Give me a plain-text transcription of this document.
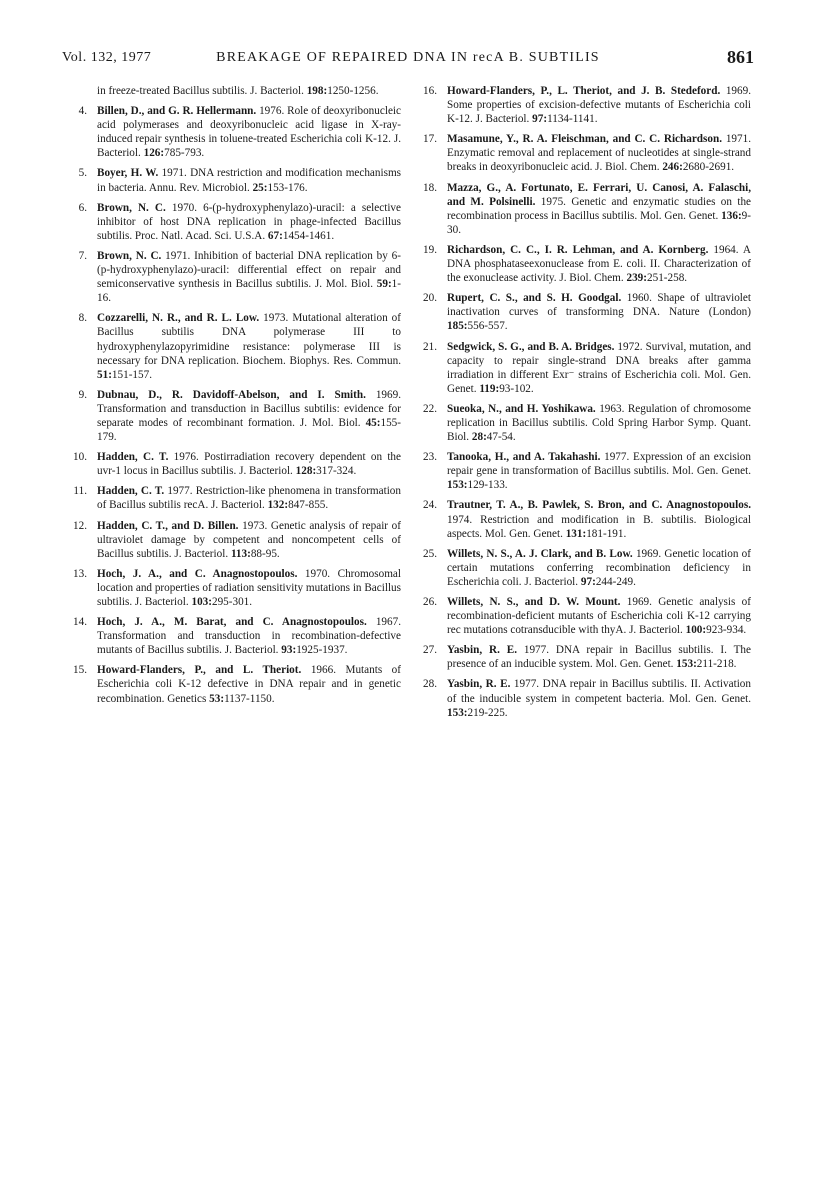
Vol. 132, 1977	BREAKAGE OF REPAIRED DNA IN recA B. SUBTILIS	861
in freeze-treated Bacillus subtilis. J. Bacteriol. 198:1250-1256.
4. Billen, D., and G. R. Hellermann. 1976. Role of deoxyribonucleic acid polymerases and deoxyribonucleic acid ligase in X-ray-induced repair synthesis in toluene-treated Escherichia coli K-12. J. Bacteriol. 126:785-793.
5. Boyer, H. W. 1971. DNA restriction and modification mechanisms in bacteria. Annu. Rev. Microbiol. 25:153-176.
6. Brown, N. C. 1970. 6-(p-hydroxyphenylazo)-uracil: a selective inhibitor of host DNA replication in phage-infected Bacillus subtilis. Proc. Natl. Acad. Sci. U.S.A. 67:1454-1461.
7. Brown, N. C. 1971. Inhibition of bacterial DNA replication by 6-(p-hydroxyphenylazo)-uracil: differential effect on repair and semiconservative synthesis in Bacillus subtilis. J. Mol. Biol. 59:1-16.
8. Cozzarelli, N. R., and R. L. Low. 1973. Mutational alteration of Bacillus subtilis DNA polymerase III to hydroxyphenylazopyrimidine resistance: polymerase III is necessary for DNA replication. Biochem. Biophys. Res. Commun. 51:151-157.
9. Dubnau, D., R. Davidoff-Abelson, and I. Smith. 1969. Transformation and transduction in Bacillus subtilis: evidence for separate modes of recombinant formation. J. Mol. Biol. 45:155-179.
10. Hadden, C. T. 1976. Postirradiation recovery dependent on the uvr-1 locus in Bacillus subtilis. J. Bacteriol. 128:317-324.
11. Hadden, C. T. 1977. Restriction-like phenomena in transformation of Bacillus subtilis recA. J. Bacteriol. 132:847-855.
12. Hadden, C. T., and D. Billen. 1973. Genetic analysis of repair of ultraviolet damage by competent and noncompetent cells of Bacillus subtilis. J. Bacteriol. 113:88-95.
13. Hoch, J. A., and C. Anagnostopoulos. 1970. Chromosomal location and properties of radiation sensitivity mutations in Bacillus subtilis. J. Bacteriol. 103:295-301.
14. Hoch, J. A., M. Barat, and C. Anagnostopoulos. 1967. Transformation and transduction in recombination-defective mutants of Bacillus subtilis. J. Bacteriol. 93:1925-1937.
15. Howard-Flanders, P., and L. Theriot. 1966. Mutants of Escherichia coli K-12 defective in DNA repair and in genetic recombination. Genetics 53:1137-1150.
16. Howard-Flanders, P., L. Theriot, and J. B. Stedeford. 1969. Some properties of excision-defective mutants of Escherichia coli K-12. J. Bacteriol. 97:1134-1141.
17. Masamune, Y., R. A. Fleischman, and C. C. Richardson. 1971. Enzymatic removal and replacement of nucleotides at single-strand breaks in deoxyribonucleic acid. J. Biol. Chem. 246:2680-2691.
18. Mazza, G., A. Fortunato, E. Ferrari, U. Canosi, A. Falaschi, and M. Polsinelli. 1975. Genetic and enzymatic studies on the recombination process in Bacillus subtilis. Mol. Gen. Genet. 136:9-30.
19. Richardson, C. C., I. R. Lehman, and A. Kornberg. 1964. A DNA phosphataseexonuclease from E. coli. II. Characterization of the exonuclease activity. J. Biol. Chem. 239:251-258.
20. Rupert, C. S., and S. H. Goodgal. 1960. Shape of ultraviolet inactivation curves of transforming DNA. Nature (London) 185:556-557.
21. Sedgwick, S. G., and B. A. Bridges. 1972. Survival, mutation, and capacity to repair single-strand DNA breaks after gamma irradiation in different Exr⁻ strains of Escherichia coli. Mol. Gen. Genet. 119:93-102.
22. Sueoka, N., and H. Yoshikawa. 1963. Regulation of chromosome replication in Bacillus subtilis. Cold Spring Harbor Symp. Quant. Biol. 28:47-54.
23. Tanooka, H., and A. Takahashi. 1977. Expression of an excision repair gene in transformation of Bacillus subtilis. Mol. Gen. Genet. 153:129-133.
24. Trautner, T. A., B. Pawlek, S. Bron, and C. Anagnostopoulos. 1974. Restriction and modification in B. subtilis. Biological aspects. Mol. Gen. Genet. 131:181-191.
25. Willets, N. S., A. J. Clark, and B. Low. 1969. Genetic location of certain mutations conferring recombination deficiency in Escherichia coli. J. Bacteriol. 97:244-249.
26. Willets, N. S., and D. W. Mount. 1969. Genetic analysis of recombination-deficient mutants of Escherichia coli K-12 carrying rec mutations cotransducible with thyA. J. Bacteriol. 100:923-934.
27. Yasbin, R. E. 1977. DNA repair in Bacillus subtilis. I. The presence of an inducible system. Mol. Gen. Genet. 153:211-218.
28. Yasbin, R. E. 1977. DNA repair in Bacillus subtilis. II. Activation of the inducible system in competent bacteria. Mol. Gen. Genet. 153:219-225.
